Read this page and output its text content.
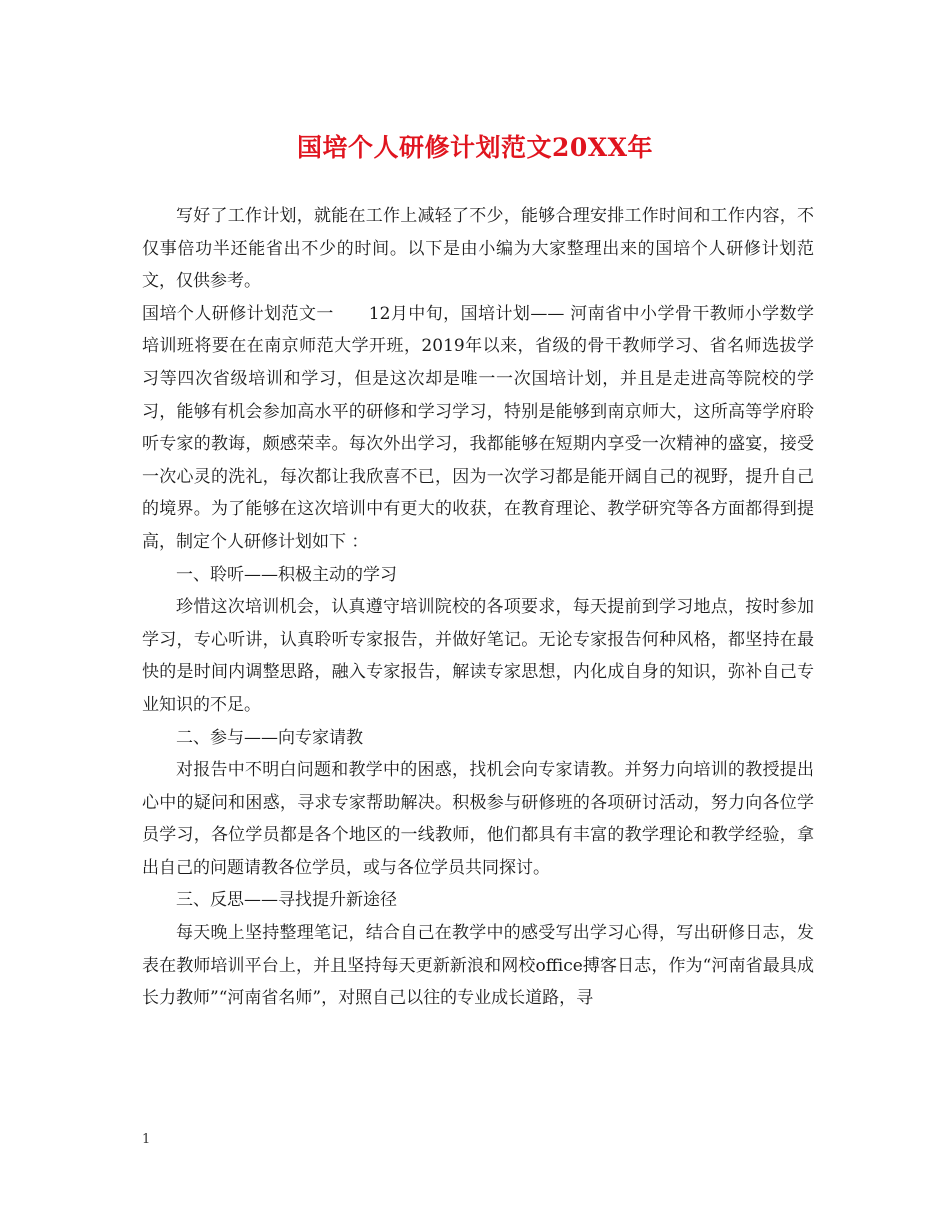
国培个人研修计划范文20XX年

写好了工作计划，就能在工作上减轻了不少，能够合理安排工作时间和工作内容，不仅事倍功半还能省出不少的时间。以下是由小编为大家整理出来的国培个人研修计划范文，仅供参考。

国培个人研修计划范文一　　12月中旬，国培计划—— 河南省中小学骨干教师小学数学培训班将要在在南京师范大学开班，2019年以来，省级的骨干教师学习、省名师选拔学习等四次省级培训和学习，但是这次却是唯一一次国培计划，并且是走进高等院校的学习，能够有机会参加高水平的研修和学习学习，特别是能够到南京师大，这所高等学府聆听专家的教诲，颇感荣幸。每次外出学习，我都能够在短期内享受一次精神的盛宴，接受一次心灵的洗礼，每次都让我欣喜不已，因为一次学习都是能开阔自己的视野，提升自己的境界。为了能够在这次培训中有更大的收获，在教育理论、教学研究等各方面都得到提高，制定个人研修计划如下 ：

一、聆听——积极主动的学习

珍惜这次培训机会，认真遵守培训院校的各项要求，每天提前到学习地点，按时参加学习，专心听讲，认真聆听专家报告，并做好笔记。无论专家报告何种风格，都坚持在最快的是时间内调整思路，融入专家报告，解读专家思想，内化成自身的知识，弥补自己专业知识的不足。

二、参与——向专家请教

对报告中不明白问题和教学中的困惑，找机会向专家请教。并努力向培训的教授提出心中的疑问和困惑，寻求专家帮助解决。积极参与研修班的各项研讨活动，努力向各位学员学习，各位学员都是各个地区的一线教师，他们都具有丰富的教学理论和教学经验，拿出自己的问题请教各位学员，或与各位学员共同探讨。

三、反思——寻找提升新途径

每天晚上坚持整理笔记，结合自己在教学中的感受写出学习心得，写出研修日志，发表在教师培训平台上，并且坚持每天更新新浪和网校office搏客日志，作为“河南省最具成长力教师”“河南省名师”，对照自己以往的专业成长道路，寻

1
